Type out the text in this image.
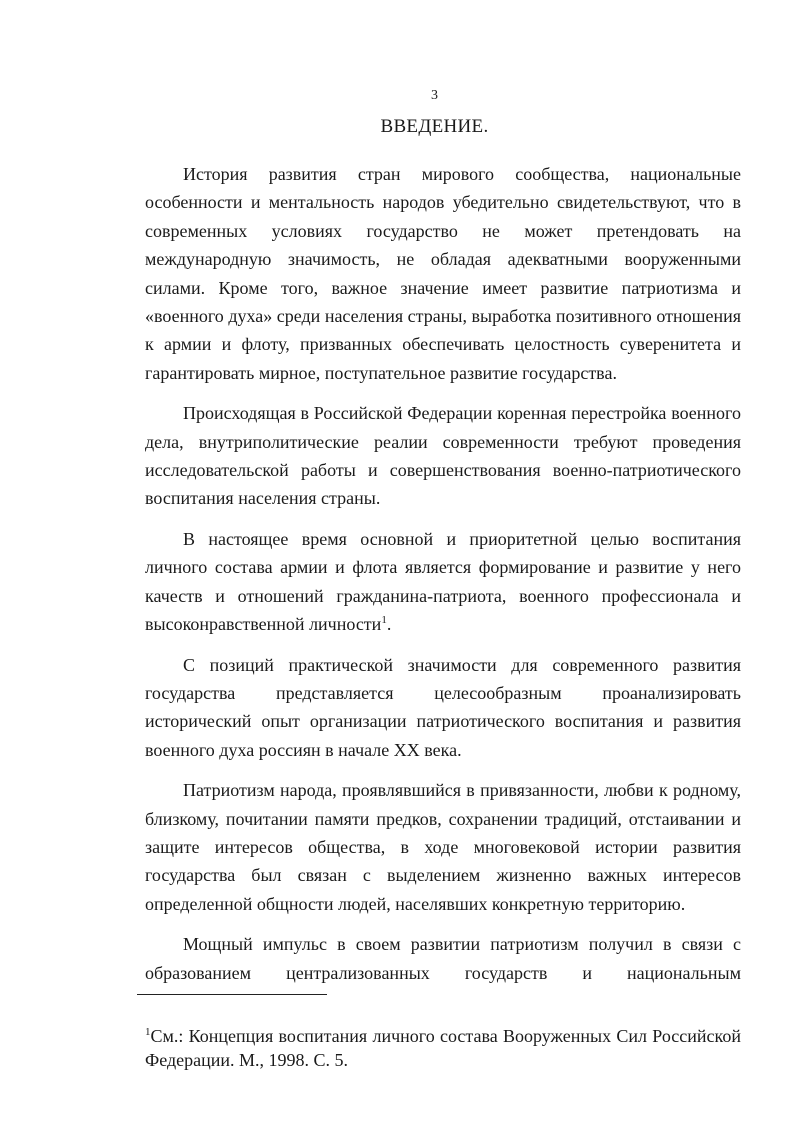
3
ВВЕДЕНИЕ.

История развития стран мирового сообщества, национальные особенности и ментальность народов убедительно свидетельствуют, что в современных условиях государство не может претендовать на международную значимость, не обладая адекватными вооруженными силами. Кроме того, важное значение имеет развитие патриотизма и «военного духа» среди населения страны, выработка позитивного отношения к армии и флоту, призванных обеспечивать целостность суверенитета и гарантировать мирное, поступательное развитие государства.

Происходящая в Российской Федерации коренная перестройка военного дела, внутриполитические реалии современности требуют проведения исследовательской работы и совершенствования военно-патриотического воспитания населения страны.

В настоящее время основной и приоритетной целью воспитания личного состава армии и флота является формирование и развитие у него качеств и отношений гражданина-патриота, военного профессионала и высоконравственной личности$^1$.

С позиций практической значимости для современного развития государства представляется целесообразным проанализировать исторический опыт организации патриотического воспитания и развития военного духа россиян в начале XX века.

Патриотизм народа, проявлявшийся в привязанности, любви к родному, близкому, почитании памяти предков, сохранении традиций, отстаивании и защите интересов общества, в ходе многовековой истории развития государства был связан с выделением жизненно важных интересов определенной общности людей, населявших конкретную территорию.

Мощный импульс в своем развитии патриотизм получил в связи с образованием централизованных государств и национальным

$^1$См.: Концепция воспитания личного состава Вооруженных Сил Российской Федерации. М., 1998. С. 5.
